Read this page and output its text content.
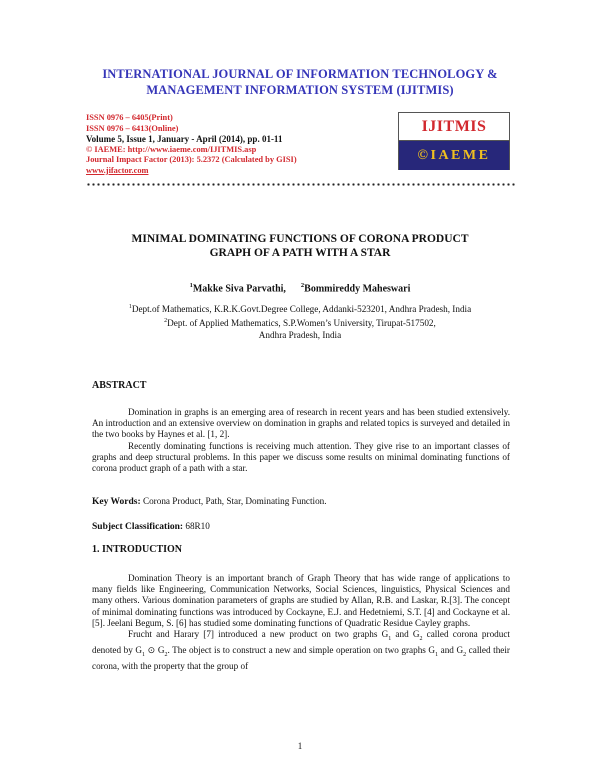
INTERNATIONAL JOURNAL OF INFORMATION TECHNOLOGY &
MANAGEMENT INFORMATION SYSTEM (IJITMIS)
ISSN 0976 – 6405(Print)
ISSN 0976 – 6413(Online)
Volume 5, Issue 1, January - April (2014), pp. 01-11
© IAEME: http://www.iaeme.com/IJITMIS.asp
Journal Impact Factor (2013): 5.2372 (Calculated by GISI)
www.jifactor.com
IJITMIS
©IAEME
MINIMAL DOMINATING FUNCTIONS OF CORONA PRODUCT
GRAPH OF A PATH WITH A STAR
$^1$Makke Siva Parvathi, $^2$Bommireddy Maheswari
$^1$Dept.of Mathematics, K.R.K.Govt.Degree College, Addanki-523201, Andhra Pradesh, India
$^2$Dept. of Applied Mathematics, S.P.Women’s University, Tirupat-517502,
Andhra Pradesh, India
ABSTRACT

Domination in graphs is an emerging area of research in recent years and has been studied extensively. An introduction and an extensive overview on domination in graphs and related topics is surveyed and detailed in the two books by Haynes et al. [1, 2].

Recently dominating functions is receiving much attention. They give rise to an important classes of graphs and deep structural problems. In this paper we discuss some results on minimal dominating functions of corona product graph of a path with a star.

Key Words: Corona Product, Path, Star, Dominating Function.
Subject Classification: 68R10
1. INTRODUCTION

Domination Theory is an important branch of Graph Theory that has wide range of applications to many fields like Engineering, Communication Networks, Social Sciences, linguistics, Physical Sciences and many others. Various domination parameters of graphs are studied by Allan, R.B. and Laskar, R.[3]. The concept of minimal dominating functions was introduced by Cockayne, E.J. and Hedetniemi, S.T. [4] and Cockayne et al. [5]. Jeelani Begum, S. [6] has studied some dominating functions of Quadratic Residue Cayley graphs.

Frucht and Harary [7] introduced a new product on two graphs $G_1$ and $G_2$ called corona product denoted by $G_1$ ⊙ $G_2$. The object is to construct a new and simple operation on two graphs $G_1$ and $G_2$ called their corona, with the property that the group of

1
